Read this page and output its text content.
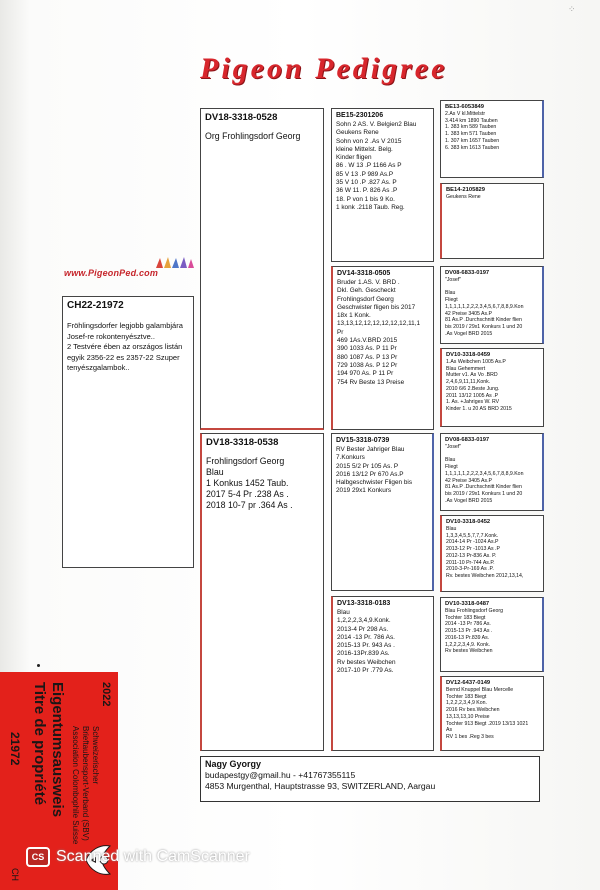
⁘
Pigeon Pedigree
www.PigeonPed.com
CH22-21972
Fröhlingsdorfer legjobb galambjára Josef-re rokontenyésztve..
2 Testvére ében az országos listán egyik 2356-22 es 2357-22 Szuper tenyészgalambok..
DV18-3318-0528
Org Frohlingsdorf Georg
DV18-3318-0538
Frohlingsdorf Georg
Blau
1 Konkus 1452 Taub.
2017 5-4 Pr .238 As .
2018 10-7 pr .364 As .
BE15-2301206
Sohn 2 AS. V. Belgien2 Blau
Geukens Rene
Sohn von 2 .As V 2015
kleine Mittelst. Belg.
Kinder fligen
86 . W 13 .P 1166 As P
85 V 13 .P 989 As.P
35 V 10 .P .827 As. P
36 W 11. P. 826 As .P
18. P von 1 bis 9 Ko.
1 konk .2118 Taub. Reg.
DV14-3318-0505
Bruder 1.AS. V. BRD .
Dkl. Geh. Gescheckt
Frohlingsdorf Georg
Geschwister fligen bis 2017
18x 1 Konk.
13,13,12,12,12,12,12,12,11,1
Pr
469 1As.V.BRD 2015
390 1033 As. P 11 Pr
880 1087 As. P 13 Pr
729 1038 As. P 12 Pr
194 970 As. P 11 Pr
754 Rv Beste 13 Preise
DV15-3318-0739
RV Bester Jahriger Blau
7.Konkurs
2015 5/2 Pr 105 As. P
2016 13/12 Pr 670 As.P
Halbgeschwister Fligen bis
2019 29x1 Konkurs
DV13-3318-0183
Blau
1,2,2,2,3,4,9.Konk.
2013-4 Pr 298 As.
2014 -13 Pr. 786 As.
2015-13 Pr. 943 As .
2016-13Pr.839 As.
Rv bestes Weibchen
2017-10 Pr .779 As.
BE13-6053849
2.As V kl.Mittelstr
3.414 km 1890 Tauben
1. 383 km 589 Tauben
1. 383 km 571 Tauben
1. 307 km 1657 Tauben
6. 383 km 1613 Tauben
BE14-2105829
Geukens Rene
DV08-6833-0197
"Josef"

Blau
Fliegt
1,1,1,1,1,2,2,2,3,4,5,6,7,8,8,9.Kon
42 Preise 3405 As.P
81 As.P .Durchschnitt Kinder flien
bis 2019 / 29x1 Konkurs 1 und 20
.As Vogel BRD 2015
DV10-3318-0459
1.As Weibchen 1005 As.P
Blau Gehemmert
Mutter v1. As Vo .BRD
2,4,6,9,11,11,Konk.
2010 6/6 2.Beste Jung.
2011 13/12 1005 As .P
1. As. +Jahriges W. RV
Kinder 1. u 20 AS BRD 2015
DV08-6833-0197
"Josef"

Blau
Fliegt
1,1,1,1,1,2,2,2,3,4,5,6,7,8,8,9.Kon
42 Preise 3405 As.P
81 As.P .Durchschnitt Kinder flien
bis 2019 / 29x1 Konkurs 1 und 20
.As Vogel BRD 2015
DV10-3318-0452
Blau
1,3,3,4,5,5,7,7,7.Konk.
2014-14 Pr -1024 As.P
2013-12 Pr -1013 As .P
2012-13 Pr-836 As. P.
2011-10 Pr-744 As.P.
2010-3-Pr-169 As .P.
Rv. bestes Weibchen 2012,13,14,
DV10-3318-0487
Blau Frohlingsdorf Georg
Tochter 183 Biegt
2014 -13 Pr 786 As.
2015-13 Pr .943 As .
2016-13 Pr.839 As.
1,2,2,2,3,4,9. Konk.
Rv bestes Weibchen
DV12-6437-0149
Bernd Knuppel Blau Mercelle
Tochter 183 Biegt
1,2,2,2,3,4,9 Kon.
2016 Rv bes.Weibchen
13,13,13,10 Preise
Tochter 913 Biegt .2019 13/13 1021
As
RV 1 bes .Reg 3 bes
Nagy Gyorgy
budapestgy@gmail.hu - +41767355115
4853 Murgenthal, Hauptstrasse 93, SWITZERLAND, Aargau
2022
Schweizerischer
Brieftaubensport-Verband (SBV)
Association Colombophile Suisse
Eigentumsausweis
Titre de propriété
21972
CH
CS Scanned with CamScanner
